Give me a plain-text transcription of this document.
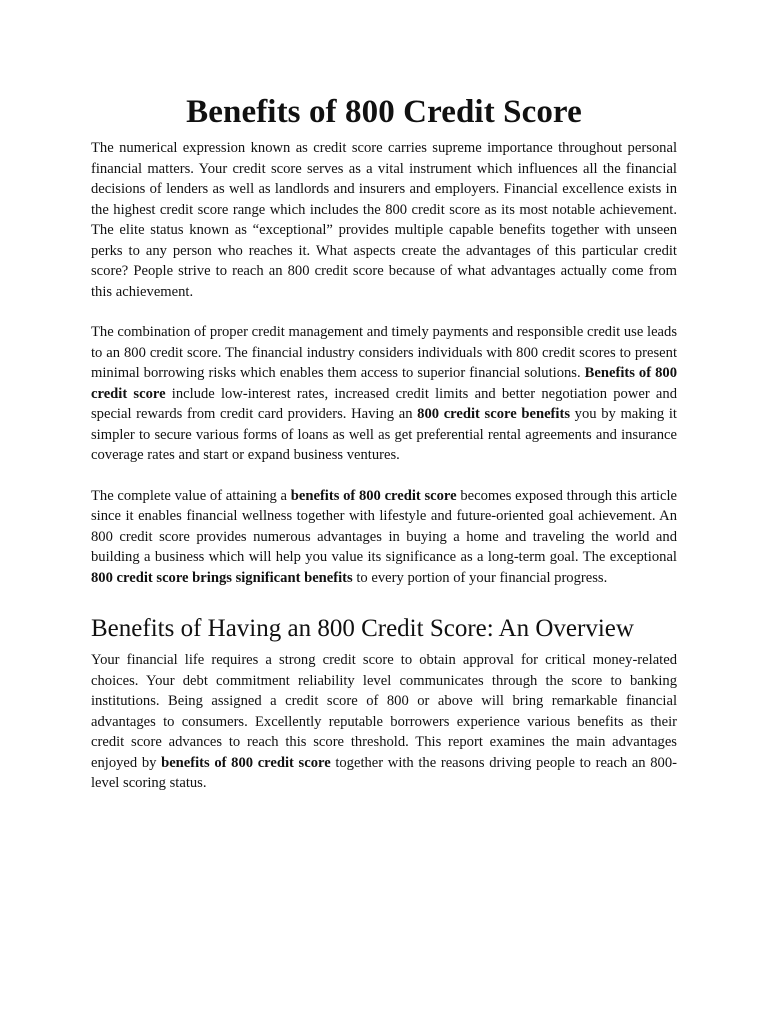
Benefits of 800 Credit Score

The numerical expression known as credit score carries supreme importance throughout personal financial matters. Your credit score serves as a vital instrument which influences all the financial decisions of lenders as well as landlords and insurers and employers. Financial excellence exists in the highest credit score range which includes the 800 credit score as its most notable achievement. The elite status known as “exceptional” provides multiple capable benefits together with unseen perks to any person who reaches it. What aspects create the advantages of this particular credit score? People strive to reach an 800 credit score because of what advantages actually come from this achievement.

The combination of proper credit management and timely payments and responsible credit use leads to an 800 credit score. The financial industry considers individuals with 800 credit scores to present minimal borrowing risks which enables them access to superior financial solutions. Benefits of 800 credit score include low-interest rates, increased credit limits and better negotiation power and special rewards from credit card providers. Having an 800 credit score benefits you by making it simpler to secure various forms of loans as well as get preferential rental agreements and insurance coverage rates and start or expand business ventures.

The complete value of attaining a benefits of 800 credit score becomes exposed through this article since it enables financial wellness together with lifestyle and future-oriented goal achievement. An 800 credit score provides numerous advantages in buying a home and traveling the world and building a business which will help you value its significance as a long-term goal. The exceptional 800 credit score brings significant benefits to every portion of your financial progress.

Benefits of Having an 800 Credit Score: An Overview

Your financial life requires a strong credit score to obtain approval for critical money-related choices. Your debt commitment reliability level communicates through the score to banking institutions. Being assigned a credit score of 800 or above will bring remarkable financial advantages to consumers. Excellently reputable borrowers experience various benefits as their credit score advances to reach this score threshold. This report examines the main advantages enjoyed by benefits of 800 credit score together with the reasons driving people to reach an 800-level scoring status.
